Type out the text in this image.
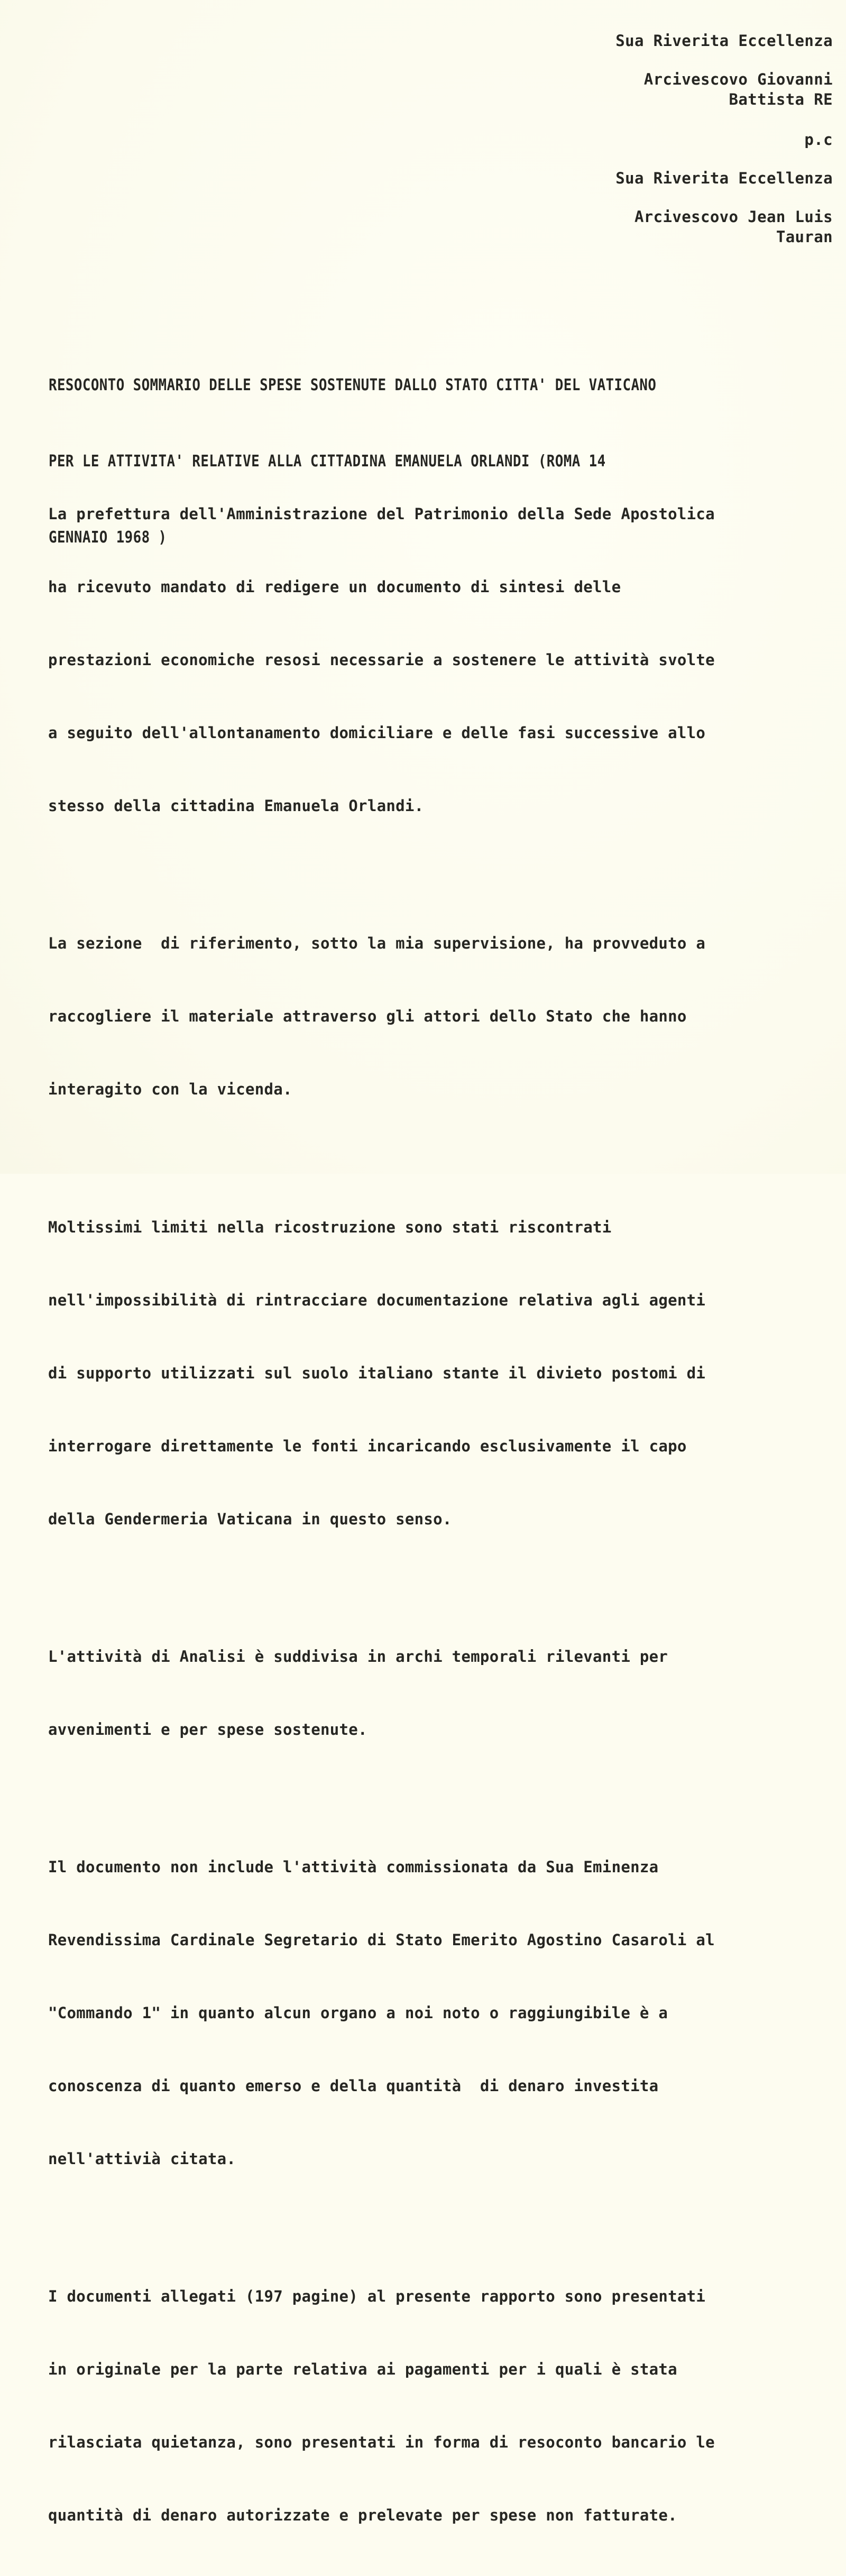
Sua Riverita Eccellenza
Arcivescovo Giovanni
Battista RE
p.c
Sua Riverita Eccellenza
Arcivescovo Jean Luis
Tauran

RESOCONTO SOMMARIO DELLE SPESE SOSTENUTE DALLO STATO CITTA' DEL VATICANO

PER LE ATTIVITA' RELATIVE ALLA CITTADINA EMANUELA ORLANDI (ROMA 14

GENNAIO 1968 )

La prefettura dell'Amministrazione del Patrimonio della Sede Apostolica

ha ricevuto mandato di redigere un documento di sintesi delle

prestazioni economiche resosi necessarie a sostenere le attività svolte

a seguito dell'allontanamento domiciliare e delle fasi successive allo

stesso della cittadina Emanuela Orlandi.

La sezione  di riferimento, sotto la mia supervisione, ha provveduto a

raccogliere il materiale attraverso gli attori dello Stato che hanno

interagito con la vicenda.

Moltissimi limiti nella ricostruzione sono stati riscontrati

nell'impossibilità di rintracciare documentazione relativa agli agenti

di supporto utilizzati sul suolo italiano stante il divieto postomi di

interrogare direttamente le fonti incaricando esclusivamente il capo

della Gendermeria Vaticana in questo senso.

L'attività di Analisi è suddivisa in archi temporali rilevanti per

avvenimenti e per spese sostenute.

Il documento non include l'attività commissionata da Sua Eminenza

Revendissima Cardinale Segretario di Stato Emerito Agostino Casaroli al

"Commando 1" in quanto alcun organo a noi noto o raggiungibile è a

conoscenza di quanto emerso e della quantità  di denaro investita

nell'attivià citata.

I documenti allegati (197 pagine) al presente rapporto sono presentati

in originale per la parte relativa ai pagamenti per i quali è stata

rilasciata quietanza, sono presentati in forma di resoconto bancario le

quantità di denaro autorizzate e prelevate per spese non fatturate.
